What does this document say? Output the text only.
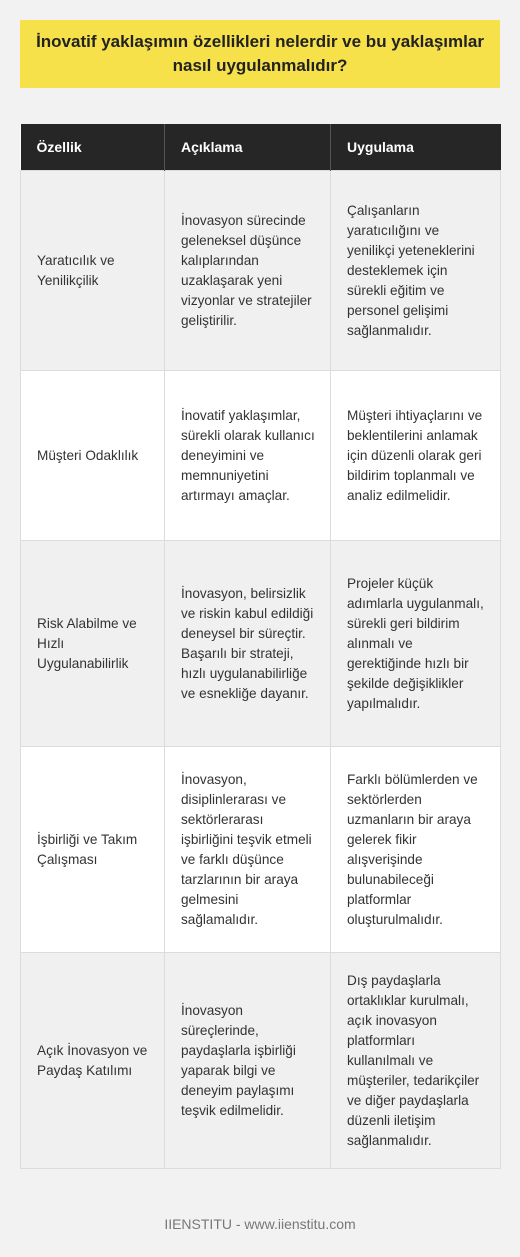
İnovatif yaklaşımın özellikleri nelerdir ve bu yaklaşımlar nasıl uygulanmalıdır?
Özellik	Açıklama	Uygulama
Yaratıcılık ve Yenilikçilik	İnovasyon sürecinde geleneksel düşünce kalıplarından uzaklaşarak yeni vizyonlar ve stratejiler geliştirilir.	Çalışanların yaratıcılığını ve yenilikçi yeteneklerini desteklemek için sürekli eğitim ve personel gelişimi sağlanmalıdır.
Müşteri Odaklılık	İnovatif yaklaşımlar, sürekli olarak kullanıcı deneyimini ve memnuniyetini artırmayı amaçlar.	Müşteri ihtiyaçlarını ve beklentilerini anlamak için düzenli olarak geri bildirim toplanmalı ve analiz edilmelidir.
Risk Alabilme ve Hızlı Uygulanabilirlik	İnovasyon, belirsizlik ve riskin kabul edildiği deneysel bir süreçtir. Başarılı bir strateji, hızlı uygulanabilirliğe ve esnekliğe dayanır.	Projeler küçük adımlarla uygulanmalı, sürekli geri bildirim alınmalı ve gerektiğinde hızlı bir şekilde değişiklikler yapılmalıdır.
İşbirliği ve Takım Çalışması	İnovasyon, disiplinlerarası ve sektörlerarası işbirliğini teşvik etmeli ve farklı düşünce tarzlarının bir araya gelmesini sağlamalıdır.	Farklı bölümlerden ve sektörlerden uzmanların bir araya gelerek fikir alışverişinde bulunabileceği platformlar oluşturulmalıdır.
Açık İnovasyon ve Paydaş Katılımı	İnovasyon süreçlerinde, paydaşlarla işbirliği yaparak bilgi ve deneyim paylaşımı teşvik edilmelidir.	Dış paydaşlarla ortaklıklar kurulmalı, açık inovasyon platformları kullanılmalı ve müşteriler, tedarikçiler ve diğer paydaşlarla düzenli iletişim sağlanmalıdır.
IIENSTITU - www.iienstitu.com
